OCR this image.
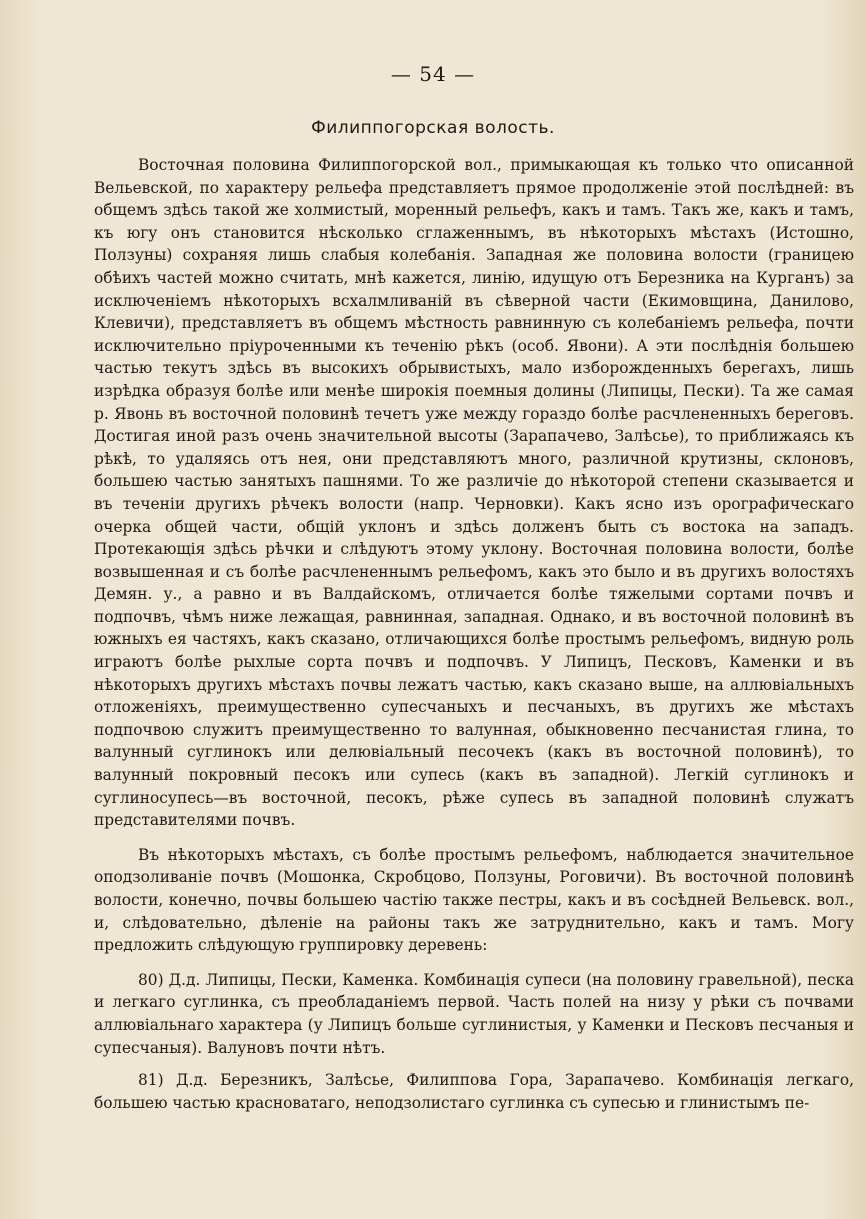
— 54 —
Филиппогорская волость.

Восточная половина Филиппогорской вол., примыкающая къ только что описанной Вельевской, по характеру рельефа представляетъ прямое продолженіе этой послѣдней: въ общемъ здѣсь такой же холмистый, моренный рельефъ, какъ и тамъ. Такъ же, какъ и тамъ, къ югу онъ становится нѣсколько сглаженнымъ, въ нѣкоторыхъ мѣстахъ (Истошно, Ползуны) сохраняя лишь слабыя колебанія. Западная же половина волости (границею обѣихъ частей можно считать, мнѣ кажется, линію, идущую отъ Березника на Курганъ) за исключеніемъ нѣкоторыхъ всхалмливаній въ сѣверной части (Екимовщина, Данилово, Клевичи), представляетъ въ общемъ мѣстность равнинную съ колебаніемъ рельефа, почти исключительно пріуроченными къ теченію рѣкъ (особ. Явони). А эти послѣднія большею частью текутъ здѣсь въ высокихъ обрывистыхъ, мало изборожденныхъ берегахъ, лишь изрѣдка образуя болѣе или менѣе широкія поемныя долины (Липицы, Пески). Та же самая р. Явонь въ восточной половинѣ течетъ уже между гораздо болѣе расчлененныхъ береговъ. Достигая иной разъ очень значительной высоты (Зарапачево, Залѣсье), то приближаясь къ рѣкѣ, то удаляясь отъ нея, они представляютъ много, различной крутизны, склоновъ, большею частью занятыхъ пашнями. То же различіе до нѣкоторой степени сказывается и въ теченіи другихъ рѣчекъ волости (напр. Черновки). Какъ ясно изъ орографическаго очерка общей части, общій уклонъ и здѣсь долженъ быть съ востока на западъ. Протекающія здѣсь рѣчки и слѣдуютъ этому уклону. Восточная половина волости, болѣе возвышенная и съ болѣе расчлененнымъ рельефомъ, какъ это было и въ другихъ волостяхъ Демян. у., а равно и въ Валдайскомъ, отличается болѣе тяжелыми сортами почвъ и подпочвъ, чѣмъ ниже лежащая, равнинная, западная. Однако, и въ восточной половинѣ въ южныхъ ея частяхъ, какъ сказано, отличающихся болѣе простымъ рельефомъ, видную роль играютъ болѣе рыхлые сорта почвъ и подпочвъ. У Липицъ, Песковъ, Каменки и въ нѣкоторыхъ другихъ мѣстахъ почвы лежатъ частью, какъ сказано выше, на аллювіальныхъ отложеніяхъ, преимущественно супесчаныхъ и песчаныхъ, въ другихъ же мѣстахъ подпочвою служитъ преимущественно то валунная, обыкновенно песчанистая глина, то валунный суглинокъ или делювіальный песочекъ (какъ въ восточной половинѣ), то валунный покровный песокъ или супесь (какъ въ западной). Легкій суглинокъ и суглиносупесь—въ восточной, песокъ, рѣже супесь въ западной половинѣ служатъ представителями почвъ.

Въ нѣкоторыхъ мѣстахъ, съ болѣе простымъ рельефомъ, наблюдается значительное оподзоливаніе почвъ (Мошонка, Скробцово, Ползуны, Роговичи). Въ восточной половинѣ волости, конечно, почвы большею частію также пестры, какъ и въ сосѣдней Вельевск. вол., и, слѣдовательно, дѣленіе на районы такъ же затруднительно, какъ и тамъ. Могу предложить слѣдующую группировку деревень:

80) Д.д. Липицы, Пески, Каменка. Комбинація супеси (на половину гравельной), песка и легкаго суглинка, съ преобладаніемъ первой. Часть полей на низу у рѣки съ почвами аллювіальнаго характера (у Липицъ больше суглинистыя, у Каменки и Песковъ песчаныя и супесчаныя). Валуновъ почти нѣтъ.

81) Д.д. Березникъ, Залѣсье, Филиппова Гора, Зарапачево. Комбинація легкаго, большею частью красноватаго, неподзолистаго суглинка съ супесью и глинистымъ пе-
